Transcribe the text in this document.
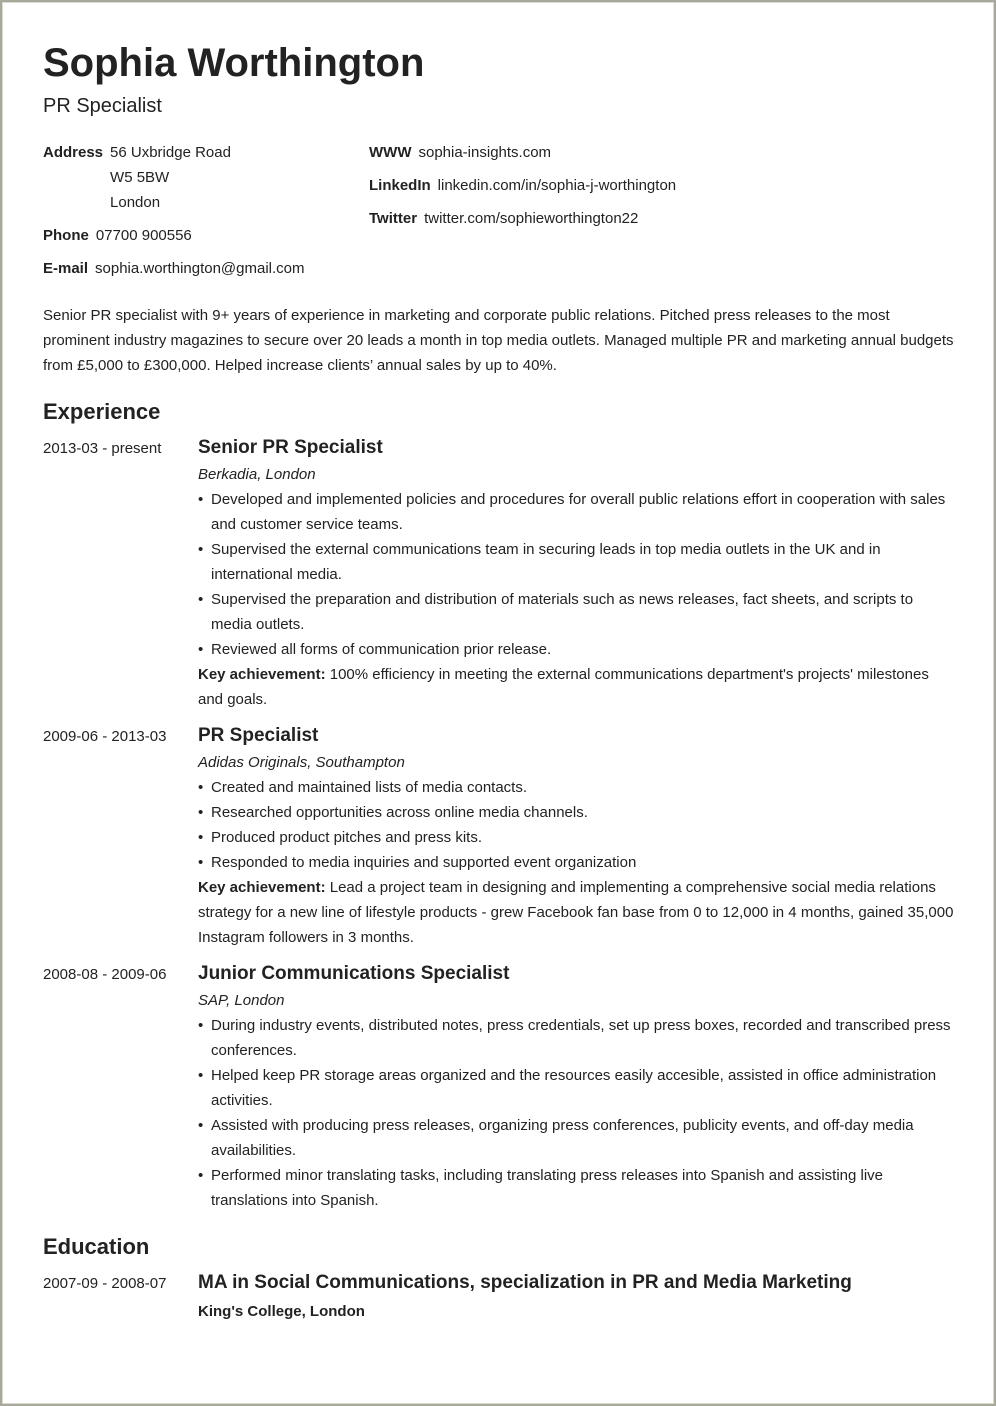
Sophia Worthington
PR Specialist
Address 56 Uxbridge Road
W5 5BW
London
Phone 07700 900556
E-mail sophia.worthington@gmail.com
WWW sophia-insights.com
LinkedIn linkedin.com/in/sophia-j-worthington
Twitter twitter.com/sophieworthington22
Senior PR specialist with 9+ years of experience in marketing and corporate public relations. Pitched press releases to the most prominent industry magazines to secure over 20 leads a month in top media outlets. Managed multiple PR and marketing annual budgets from £5,000 to £300,000. Helped increase clients’ annual sales by up to 40%.
Experience
2013-03 - present	Senior PR Specialist
Berkadia, London
• Developed and implemented policies and procedures for overall public relations effort in cooperation with sales and customer service teams.
• Supervised the external communications team in securing leads in top media outlets in the UK and in international media.
• Supervised the preparation and distribution of materials such as news releases, fact sheets, and scripts to media outlets.
• Reviewed all forms of communication prior release.
Key achievement: 100% efficiency in meeting the external communications department's projects' milestones and goals.
2009-06 - 2013-03	PR Specialist
Adidas Originals, Southampton
• Created and maintained lists of media contacts.
• Researched opportunities across online media channels.
• Produced product pitches and press kits.
• Responded to media inquiries and supported event organization
Key achievement: Lead a project team in designing and implementing a comprehensive social media relations strategy for a new line of lifestyle products - grew Facebook fan base from 0 to 12,000 in 4 months, gained 35,000 Instagram followers in 3 months.
2008-08 - 2009-06	Junior Communications Specialist
SAP, London
• During industry events, distributed notes, press credentials, set up press boxes, recorded and transcribed press conferences.
• Helped keep PR storage areas organized and the resources easily accesible, assisted in office administration activities.
• Assisted with producing press releases, organizing press conferences, publicity events, and off-day media availabilities.
• Performed minor translating tasks, including translating press releases into Spanish and assisting live translations into Spanish.
Education
2007-09 - 2008-07	MA in Social Communications, specialization in PR and Media Marketing
King's College, London
